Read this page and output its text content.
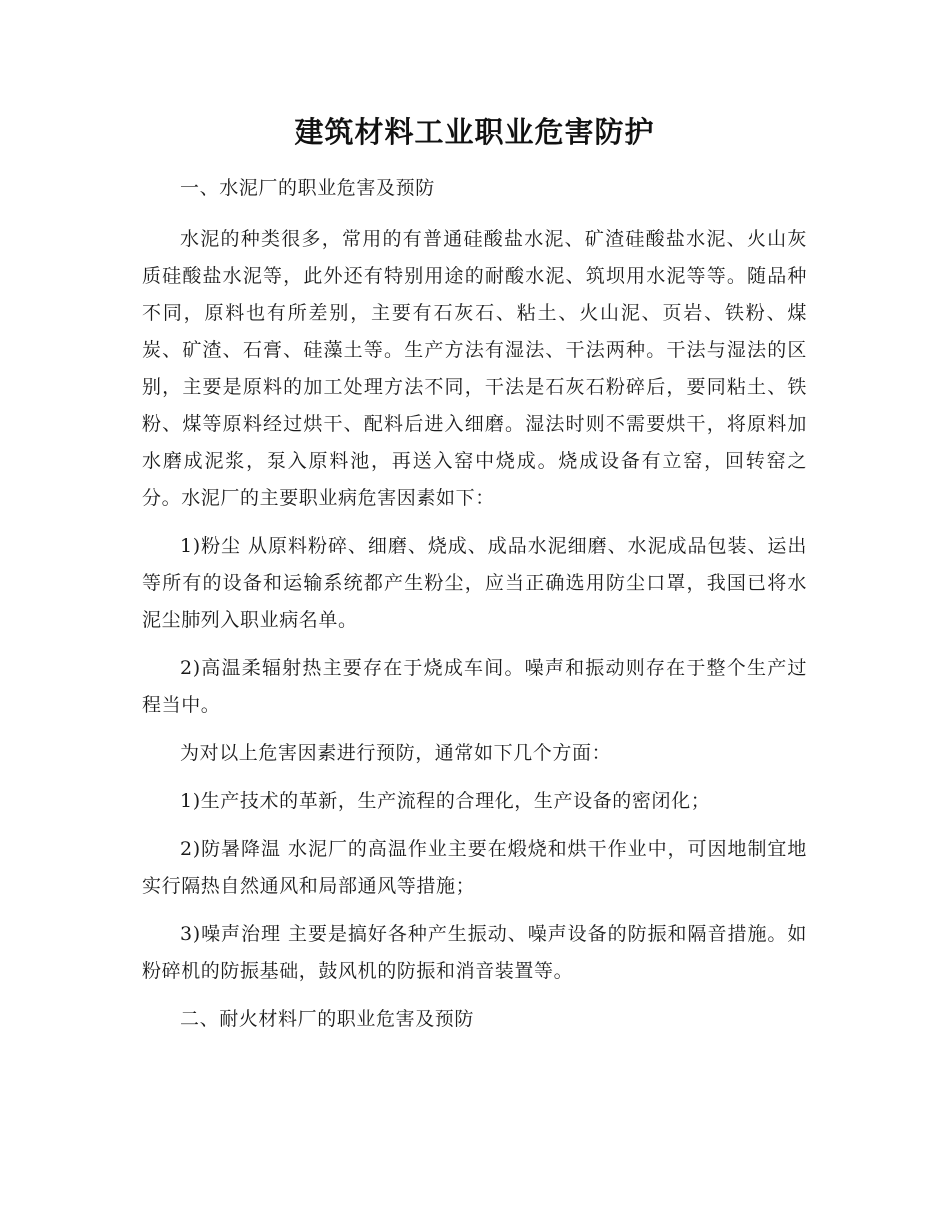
建筑材料工业职业危害防护

一、水泥厂的职业危害及预防

水泥的种类很多，常用的有普通硅酸盐水泥、矿渣硅酸盐水泥、火山灰质硅酸盐水泥等，此外还有特别用途的耐酸水泥、筑坝用水泥等等。随品种不同，原料也有所差别，主要有石灰石、粘土、火山泥、页岩、铁粉、煤炭、矿渣、石膏、硅藻土等。生产方法有湿法、干法两种。干法与湿法的区别，主要是原料的加工处理方法不同，干法是石灰石粉碎后，要同粘土、铁粉、煤等原料经过烘干、配料后进入细磨。湿法时则不需要烘干，将原料加水磨成泥浆，泵入原料池，再送入窑中烧成。烧成设备有立窑，回转窑之分。水泥厂的主要职业病危害因素如下：

1)粉尘 从原料粉碎、细磨、烧成、成品水泥细磨、水泥成品包装、运出等所有的设备和运输系统都产生粉尘，应当正确选用防尘口罩，我国已将水泥尘肺列入职业病名单。

2)高温柔辐射热主要存在于烧成车间。噪声和振动则存在于整个生产过程当中。

为对以上危害因素进行预防，通常如下几个方面：

1)生产技术的革新，生产流程的合理化，生产设备的密闭化；

2)防暑降温 水泥厂的高温作业主要在煅烧和烘干作业中，可因地制宜地实行隔热自然通风和局部通风等措施；

3)噪声治理 主要是搞好各种产生振动、噪声设备的防振和隔音措施。如粉碎机的防振基础，鼓风机的防振和消音装置等。

二、耐火材料厂的职业危害及预防
